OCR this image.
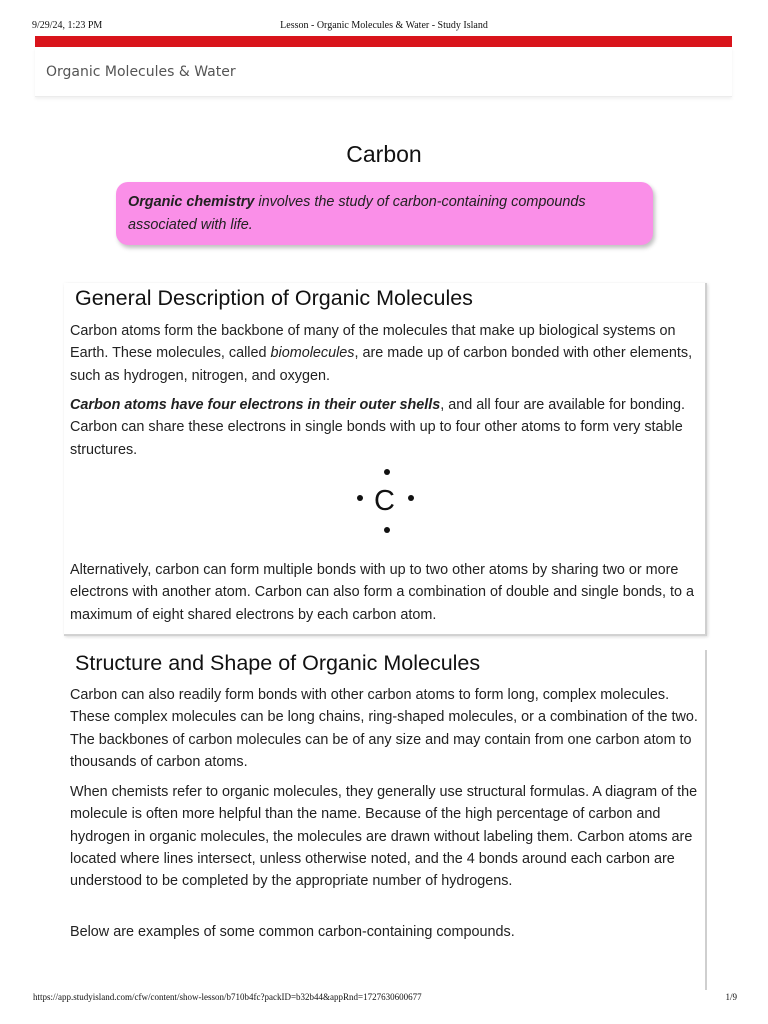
9/29/24, 1:23 PM	Lesson - Organic Molecules & Water - Study Island
Organic Molecules & Water
Carbon
Organic chemistry involves the study of carbon-containing compounds associated with life.
General Description of Organic Molecules

Carbon atoms form the backbone of many of the molecules that make up biological systems on Earth. These molecules, called biomolecules, are made up of carbon bonded with other elements, such as hydrogen, nitrogen, and oxygen.

Carbon atoms have four electrons in their outer shells, and all four are available for bonding. Carbon can share these electrons in single bonds with up to four other atoms to form very stable structures.

C

Alternatively, carbon can form multiple bonds with up to two other atoms by sharing two or more electrons with another atom. Carbon can also form a combination of double and single bonds, to a maximum of eight shared electrons by each carbon atom.

Structure and Shape of Organic Molecules

Carbon can also readily form bonds with other carbon atoms to form long, complex molecules. These complex molecules can be long chains, ring-shaped molecules, or a combination of the two. The backbones of carbon molecules can be of any size and may contain from one carbon atom to thousands of carbon atoms.

When chemists refer to organic molecules, they generally use structural formulas. A diagram of the molecule is often more helpful than the name. Because of the high percentage of carbon and hydrogen in organic molecules, the molecules are drawn without labeling them. Carbon atoms are located where lines intersect, unless otherwise noted, and the 4 bonds around each carbon are understood to be completed by the appropriate number of hydrogens.

Below are examples of some common carbon-containing compounds.

https://app.studyisland.com/cfw/content/show-lesson/b710b4fc?packID=b32b44&appRnd=1727630600677	1/9
